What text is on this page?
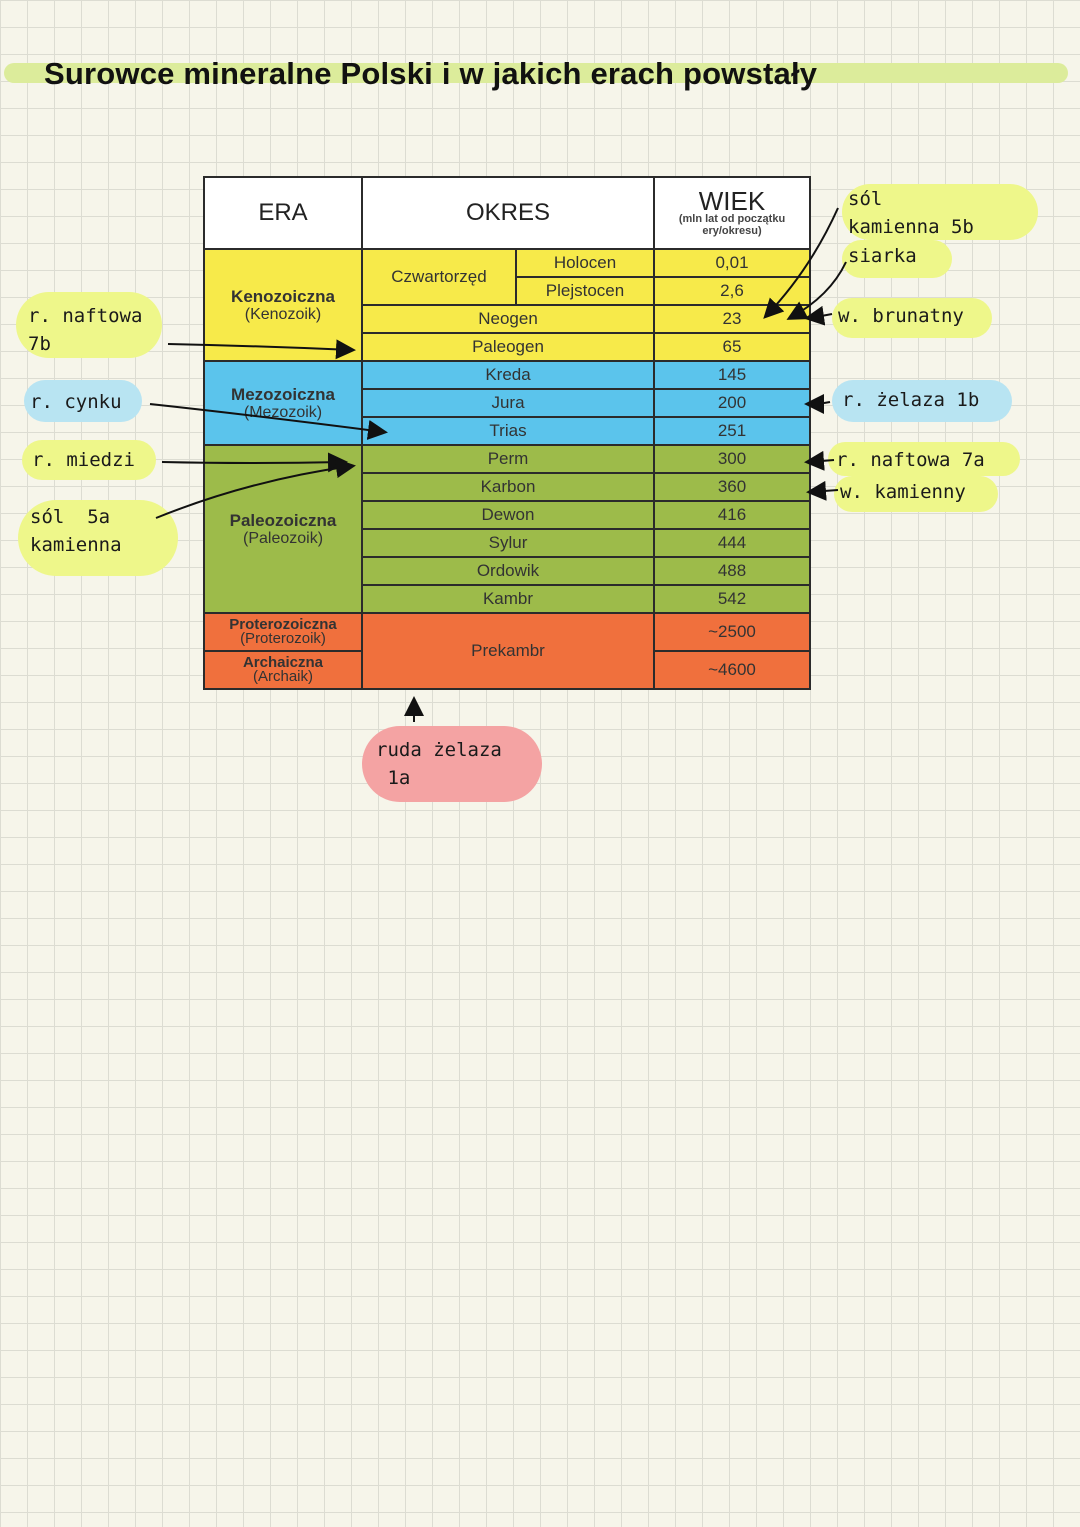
Surowce mineralne Polski i w jakich erach powstały
ERA	OKRES		WIEK
(mln lat od początku ery/okresu)

Kenozoiczna
(Kenozoik)	Czwartorzęd	Holocen	0,01
		Plejstocen	2,6
	Neogen		23
	Paleogen		65

Mezozoiczna
(Mezozoik)	Kreda		145
	Jura		200
	Trias		251

Paleozoiczna
(Paleozoik)	Perm		300
	Karbon		360
	Dewon		416
	Sylur		444
	Ordowik		488
	Kambr		542

Proterozoiczna
(Proterozoik)	Prekambr		~2500

Archaiczna
(Archaik)			~4600
r. naftowa
7b
r. cynku
r. miedzi
sól  5a
kamienna
sól
kamienna 5b
siarka
w. brunatny
r. żelaza 1b
r. naftowa 7a
w. kamienny
ruda żelaza
1a
